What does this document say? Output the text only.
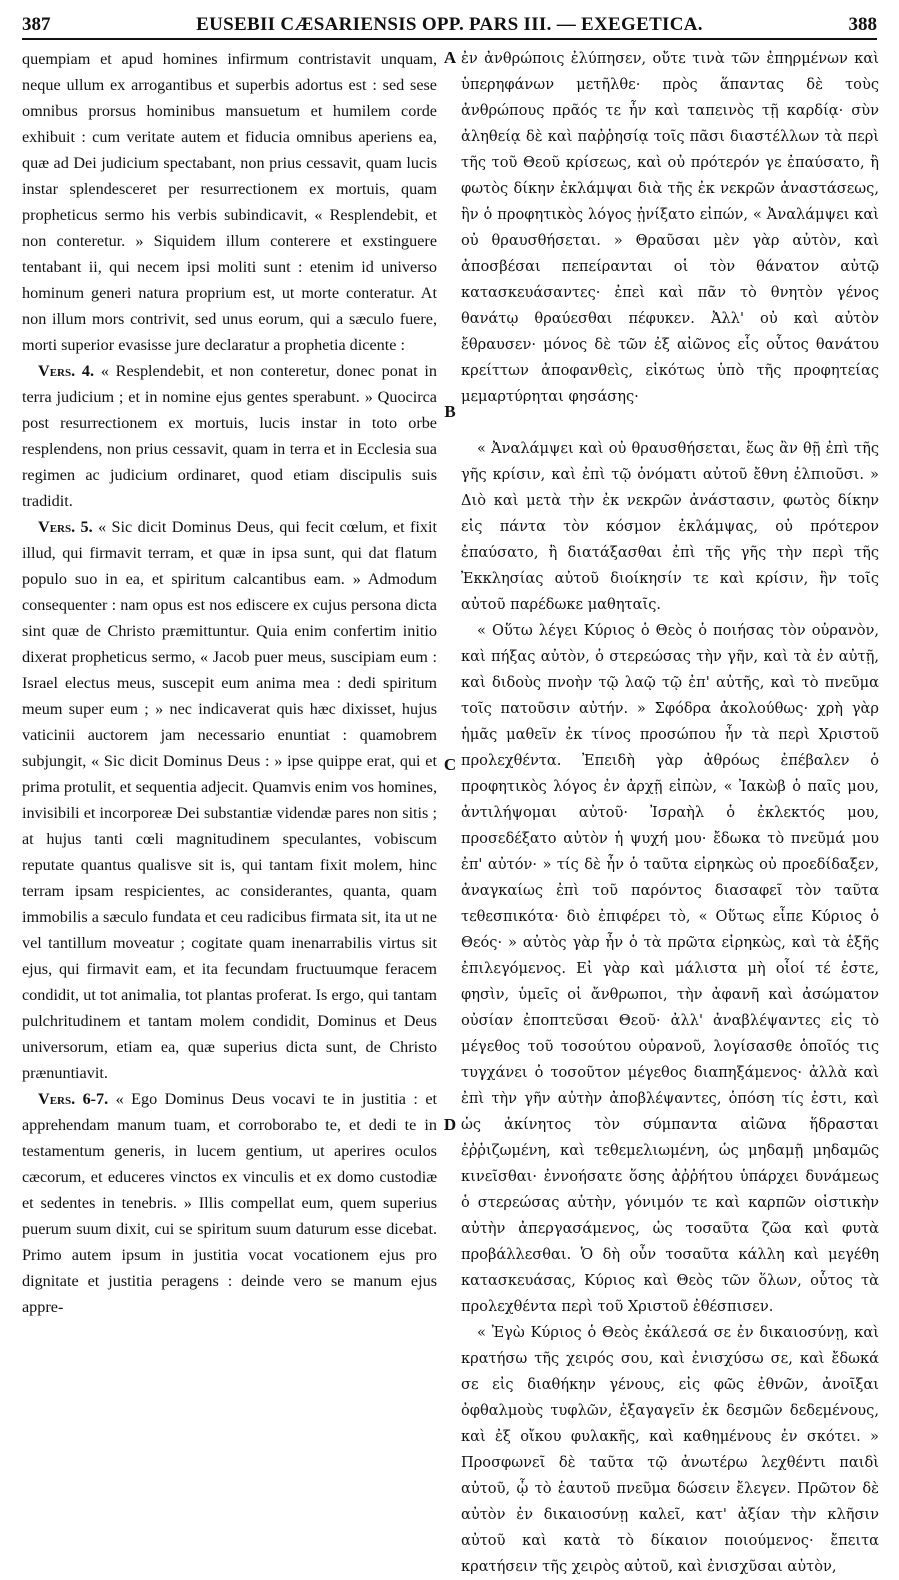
387	EUSEBII CÆSARIENSIS OPP. PARS III. — EXEGETICA.	388

quempiam et apud homines infirmum contristavit unquam, neque ullum ex arrogantibus et superbis adortus est : sed sese omnibus prorsus hominibus mansuetum et humilem corde exhibuit : cum veritate autem et fiducia omnibus aperiens ea, quæ ad Dei judicium spectabant, non prius cessavit, quam lucis instar splendesceret per resurrectionem ex mortuis, quam propheticus sermo his verbis subindicavit, « Resplendebit, et non conteretur. » Siquidem illum conterere et exstinguere tentabant ii, qui necem ipsi moliti sunt : etenim id universo hominum generi natura proprium est, ut morte conteratur. At non illum mors contrivit, sed unus eorum, qui a sæculo fuere, morti superior evasisse jure declaratur a prophetia dicente :

Vers. 4. « Resplendebit, et non conteretur, donec ponat in terra judicium ; et in nomine ejus gentes sperabunt. » Quocirca post resurrectionem ex mortuis, lucis instar in toto orbe resplendens, non prius cessavit, quam in terra et in Ecclesia sua regimen ac judicium ordinaret, quod etiam discipulis suis tradidit.

Vers. 5. « Sic dicit Dominus Deus, qui fecit cœlum, et fixit illud, qui firmavit terram, et quæ in ipsa sunt, qui dat flatum populo suo in ea, et spiritum calcantibus eam. » Admodum consequenter : nam opus est nos ediscere ex cujus persona dicta sint quæ de Christo præmittuntur. Quia enim confertim initio dixerat propheticus sermo, « Jacob puer meus, suscipiam eum : Israel electus meus, suscepit eum anima mea : dedi spiritum meum super eum ; » nec indicaverat quis hæc dixisset, hujus vaticinii auctorem jam necessario enuntiat : quamobrem subjungit, « Sic dicit Dominus Deus : » ipse quippe erat, qui et prima protulit, et sequentia adjecit. Quamvis enim vos homines, invisibili et incorporeæ Dei substantiæ videndæ pares non sitis ; at hujus tanti cœli magnitudinem speculantes, vobiscum reputate quantus qualisve sit is, qui tantam fixit molem, hinc terram ipsam respicientes, ac considerantes, quanta, quam immobilis a sæculo fundata et ceu radicibus firmata sit, ita ut ne vel tantillum moveatur ; cogitate quam inenarrabilis virtus sit ejus, qui firmavit eam, et ita fecundam fructuumque feracem condidit, ut tot animalia, tot plantas proferat. Is ergo, qui tantam pulchritudinem et tantam molem condidit, Dominus et Deus universorum, etiam ea, quæ superius dicta sunt, de Christo prænuntiavit.

Vers. 6-7. « Ego Dominus Deus vocavi te in justitia : et apprehendam manum tuam, et corroborabo te, et dedi te in testamentum generis, in lucem gentium, ut aperires oculos cæcorum, et educeres vinctos ex vinculis et ex domo custodiæ et sedentes in tenebris. » Illis compellat eum, quem superius puerum suum dixit, cui se spiritum suum daturum esse dicebat. Primo autem ipsum in justitia vocat vocationem ejus pro dignitate et justitia peragens : deinde vero se manum ejus appre-

A
B
C
D

ἐν ἀνθρώποις ἐλύπησεν, οὔτε τινὰ τῶν ἐπηρμένων καὶ ὑπερηφάνων μετῆλθε· πρὸς ἅπαντας δὲ τοὺς ἀνθρώπους πρᾶός τε ἦν καὶ ταπεινὸς τῇ καρδίᾳ· σὺν ἀληθείᾳ δὲ καὶ παῤῥησίᾳ τοῖς πᾶσι διαστέλλων τὰ περὶ τῆς τοῦ Θεοῦ κρίσεως, καὶ οὐ πρότερόν γε ἐπαύσατο, ἢ φωτὸς δίκην ἐκλάμψαι διὰ τῆς ἐκ νεκρῶν ἀναστάσεως, ἣν ὁ προφητικὸς λόγος ᾐνίξατο εἰπών, « Ἀναλάμψει καὶ οὐ θραυσθήσεται. » Θραῦσαι μὲν γὰρ αὐτὸν, καὶ ἀποσβέσαι πεπείρανται οἱ τὸν θάνατον αὐτῷ κατασκευάσαντες· ἐπεὶ καὶ πᾶν τὸ θνητὸν γένος θανάτῳ θραύεσθαι πέφυκεν. Ἀλλ' οὐ καὶ αὐτὸν ἔθραυσεν· μόνος δὲ τῶν ἐξ αἰῶνος εἷς οὗτος θανάτου κρείττων ἀποφανθεὶς, εἰκότως ὑπὸ τῆς προφητείας μεμαρτύρηται φησάσης·

« Ἀναλάμψει καὶ οὐ θραυσθήσεται, ἕως ἂν θῇ ἐπὶ τῆς γῆς κρίσιν, καὶ ἐπὶ τῷ ὀνόματι αὐτοῦ ἔθνη ἐλπιοῦσι. » Διὸ καὶ μετὰ τὴν ἐκ νεκρῶν ἀνάστασιν, φωτὸς δίκην εἰς πάντα τὸν κόσμον ἐκλάμψας, οὐ πρότερον ἐπαύσατο, ἢ διατάξασθαι ἐπὶ τῆς γῆς τὴν περὶ τῆς Ἐκκλησίας αὐτοῦ διοίκησίν τε καὶ κρίσιν, ἣν τοῖς αὐτοῦ παρέδωκε μαθηταῖς.

« Οὕτω λέγει Κύριος ὁ Θεὸς ὁ ποιήσας τὸν οὐρανὸν, καὶ πήξας αὐτὸν, ὁ στερεώσας τὴν γῆν, καὶ τὰ ἐν αὐτῇ, καὶ διδοὺς πνοὴν τῷ λαῷ τῷ ἐπ' αὐτῆς, καὶ τὸ πνεῦμα τοῖς πατοῦσιν αὐτήν. » Σφόδρα ἀκολούθως· χρὴ γὰρ ἡμᾶς μαθεῖν ἐκ τίνος προσώπου ἦν τὰ περὶ Χριστοῦ προλεχθέντα. Ἐπειδὴ γὰρ ἀθρόως ἐπέβαλεν ὁ προφητικὸς λόγος ἐν ἀρχῇ εἰπὼν, « Ἰακὼβ ὁ παῖς μου, ἀντιλήψομαι αὐτοῦ· Ἰσραὴλ ὁ ἐκλεκτός μου, προσεδέξατο αὐτὸν ἡ ψυχή μου· ἔδωκα τὸ πνεῦμά μου ἐπ' αὐτόν· » τίς δὲ ἦν ὁ ταῦτα εἰρηκὼς οὐ προεδίδαξεν, ἀναγκαίως ἐπὶ τοῦ παρόντος διασαφεῖ τὸν ταῦτα τεθεσπικότα· διὸ ἐπιφέρει τὸ, « Οὕτως εἶπε Κύριος ὁ Θεός· » αὐτὸς γὰρ ἦν ὁ τὰ πρῶτα εἰρηκὼς, καὶ τὰ ἑξῆς ἐπιλεγόμενος. Εἰ γὰρ καὶ μάλιστα μὴ οἷοί τέ ἐστε, φησὶν, ὑμεῖς οἱ ἄνθρωποι, τὴν ἀφανῆ καὶ ἀσώματον οὐσίαν ἐποπτεῦσαι Θεοῦ· ἀλλ' ἀναβλέψαντες εἰς τὸ μέγεθος τοῦ τοσούτου οὐρανοῦ, λογίσασθε ὁποῖός τις τυγχάνει ὁ τοσοῦτον μέγεθος διαπηξάμενος· ἀλλὰ καὶ ἐπὶ τὴν γῆν αὐτὴν ἀποβλέψαντες, ὁπόση τίς ἐστι, καὶ ὡς ἀκίνητος τὸν σύμπαντα αἰῶνα ἥδρασται ἐῤῥιζωμένη, καὶ τεθεμελιωμένη, ὡς μηδαμῇ μηδαμῶς κινεῖσθαι· ἐννοήσατε ὅσης ἀῤῥήτου ὑπάρχει δυνάμεως ὁ στερεώσας αὐτὴν, γόνιμόν τε καὶ καρπῶν οἰστικὴν αὐτὴν ἀπεργασάμενος, ὡς τοσαῦτα ζῶα καὶ φυτὰ προβάλλεσθαι. Ὁ δὴ οὖν τοσαῦτα κάλλη καὶ μεγέθη κατασκευάσας, Κύριος καὶ Θεὸς τῶν ὅλων, οὗτος τὰ προλεχθέντα περὶ τοῦ Χριστοῦ ἐθέσπισεν.

« Ἐγὼ Κύριος ὁ Θεὸς ἐκάλεσά σε ἐν δικαιοσύνῃ, καὶ κρατήσω τῆς χειρός σου, καὶ ἐνισχύσω σε, καὶ ἔδωκά σε εἰς διαθήκην γένους, εἰς φῶς ἐθνῶν, ἀνοῖξαι ὀφθαλμοὺς τυφλῶν, ἐξαγαγεῖν ἐκ δεσμῶν δεδεμένους, καὶ ἐξ οἴκου φυλακῆς, καὶ καθημένους ἐν σκότει. » Προσφωνεῖ δὲ ταῦτα τῷ ἀνωτέρω λεχθέντι παιδὶ αὐτοῦ, ᾧ τὸ ἑαυτοῦ πνεῦμα δώσειν ἔλεγεν. Πρῶτον δὲ αὐτὸν ἐν δικαιοσύνῃ καλεῖ, κατ' ἀξίαν τὴν κλῆσιν αὐτοῦ καὶ κατὰ τὸ δίκαιον ποιούμενος· ἔπειτα κρατήσειν τῆς χειρὸς αὐτοῦ, καὶ ἐνισχῦσαι αὐτὸν,
